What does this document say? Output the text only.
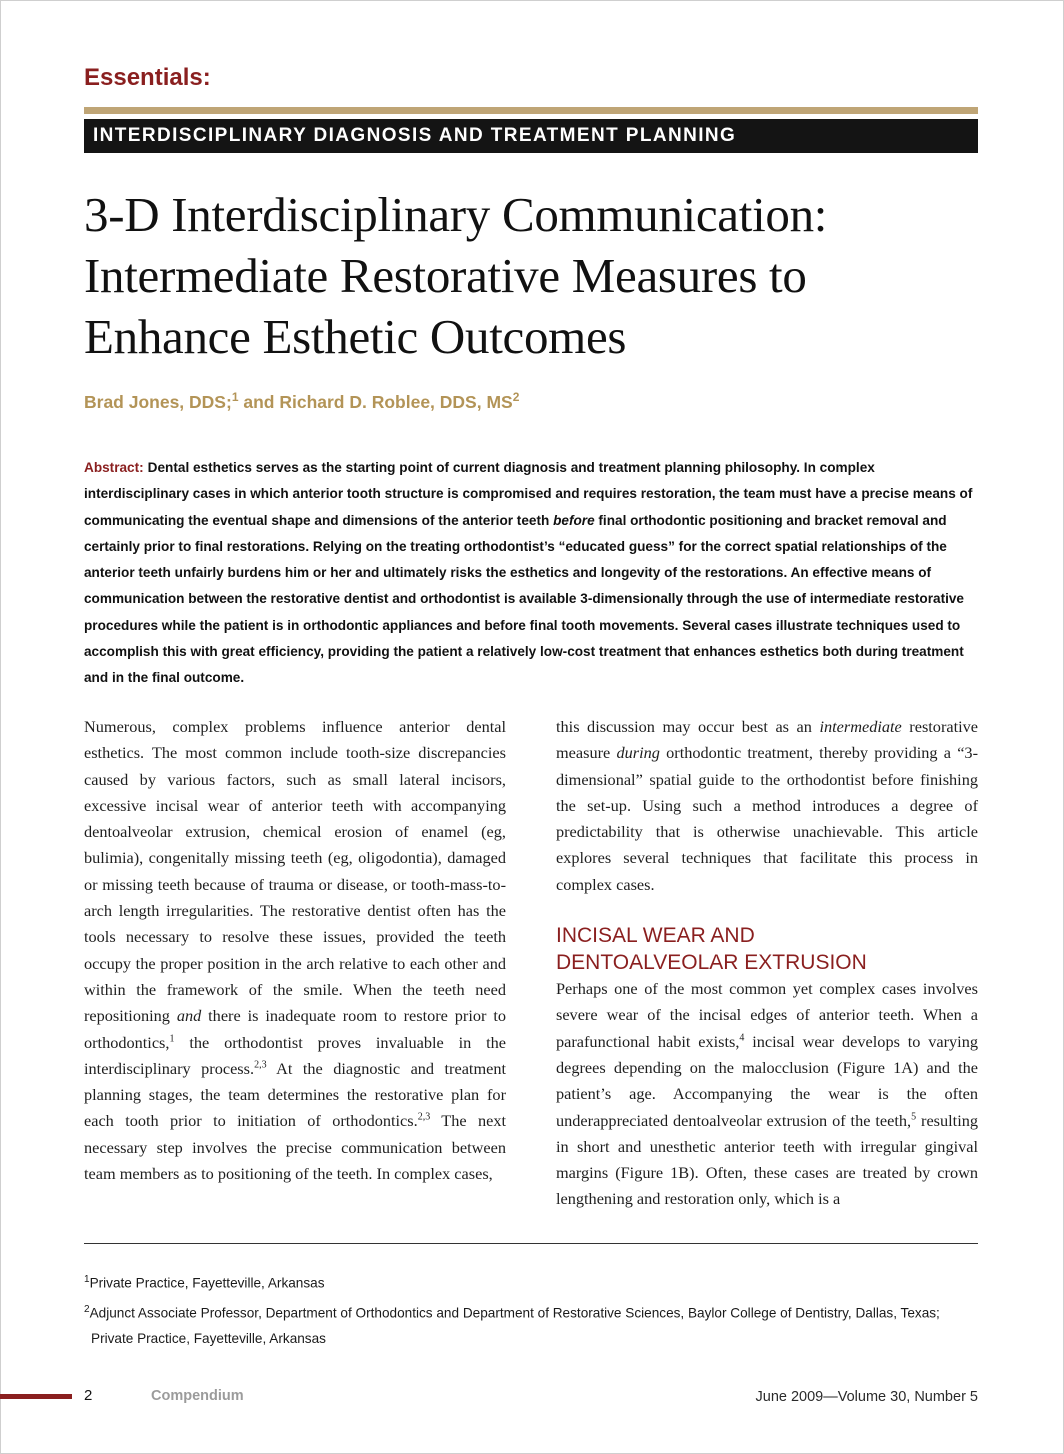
Essentials:
INTERDISCIPLINARY DIAGNOSIS AND TREATMENT PLANNING
3-D Interdisciplinary Communication:
Intermediate Restorative Measures to
Enhance Esthetic Outcomes
Brad Jones, DDS;$^1$ and Richard D. Roblee, DDS, $MS^2$

Abstract: Dental esthetics serves as the starting point of current diagnosis and treatment planning philosophy. In complex interdisciplinary cases in which anterior tooth structure is compromised and requires restoration, the team must have a precise means of communicating the eventual shape and dimensions of the anterior teeth before final orthodontic positioning and bracket removal and certainly prior to final restorations. Relying on the treating orthodontist’s “educated guess” for the correct spatial relationships of the anterior teeth unfairly burdens him or her and ultimately risks the esthetics and longevity of the restorations. An effective means of communication between the restorative dentist and orthodontist is available 3-dimensionally through the use of intermediate restorative procedures while the patient is in orthodontic appliances and before final tooth movements. Several cases illustrate techniques used to accomplish this with great efficiency, providing the patient a relatively low-cost treatment that enhances esthetics both during treatment and in the final outcome.

Numerous, complex problems influence anterior dental esthetics. The most common include tooth-size discrepancies caused by various factors, such as small lateral incisors, excessive incisal wear of anterior teeth with accompanying dentoalveolar extrusion, chemical erosion of enamel (eg, bulimia), congenitally missing teeth (eg, oligodontia), damaged or missing teeth because of trauma or disease, or tooth-mass-to-arch length irregularities. The restorative dentist often has the tools necessary to resolve these issues, provided the teeth occupy the proper position in the arch relative to each other and within the framework of the smile. When the teeth need repositioning and there is inadequate room to restore prior to orthodontics,$^1$ the orthodontist proves invaluable in the interdisciplinary process.$^{2,3}$ At the diagnostic and treatment planning stages, the team determines the restorative plan for each tooth prior to initiation of orthodontics.$^{2,3}$ The next necessary step involves the precise communication between team members as to positioning of the teeth. In complex cases,

this discussion may occur best as an intermediate restorative measure during orthodontic treatment, thereby providing a “3-dimensional” spatial guide to the orthodontist before finishing the set-up. Using such a method introduces a degree of predictability that is otherwise unachievable. This article explores several techniques that facilitate this process in complex cases.

INCISAL WEAR AND
DENTOALVEOLAR EXTRUSION

Perhaps one of the most common yet complex cases involves severe wear of the incisal edges of anterior teeth. When a parafunctional habit exists,$^4$ incisal wear develops to varying degrees depending on the malocclusion (Figure 1A) and the patient’s age. Accompanying the wear is the often underappreciated dentoalveolar extrusion of the teeth,$^5$ resulting in short and unesthetic anterior teeth with irregular gingival margins (Figure 1B). Often, these cases are treated by crown lengthening and restoration only, which is a

$^1$Private Practice, Fayetteville, Arkansas

$^2$Adjunct Associate Professor, Department of Orthodontics and Department of Restorative Sciences, Baylor College of Dentistry, Dallas, Texas; Private Practice, Fayetteville, Arkansas

2	Compendium	June 2009—Volume 30, Number 5
